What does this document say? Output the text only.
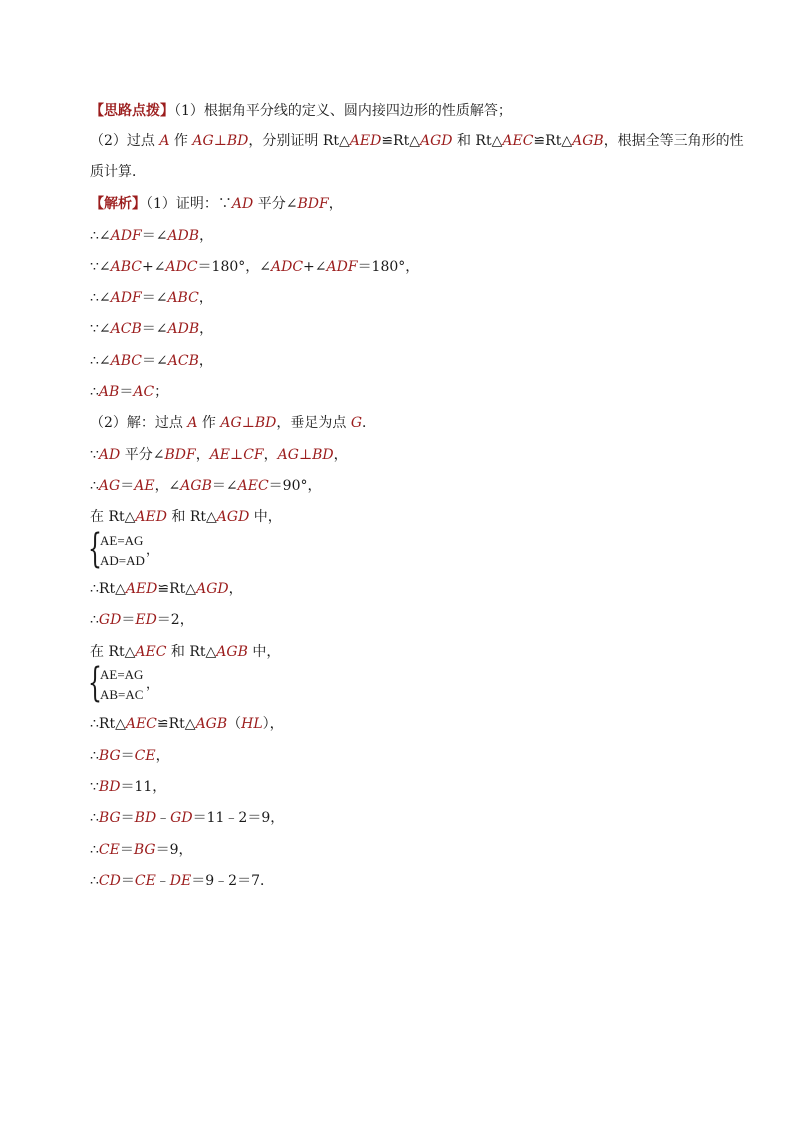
【思路点拨】（1）根据角平分线的定义、圆内接四边形的性质解答；
（2）过点 A 作 AG⊥BD，分别证明 Rt△AED≌Rt△AGD 和 Rt△AEC≌Rt△AGB，根据全等三角形的性
质计算．
【解析】（1）证明：∵AD 平分∠BDF，
∴∠ADF＝∠ADB，
∵∠ABC+∠ADC＝180°，∠ADC+∠ADF＝180°，
∴∠ADF＝∠ABC，
∵∠ACB＝∠ADB，
∴∠ABC＝∠ACB，
∴AB＝AC；
（2）解：过点 A 作 AG⊥BD，垂足为点 G．
∵AD 平分∠BDF，AE⊥CF，AG⊥BD，
∴AG＝AE，∠AGB＝∠AEC＝90°，
在 Rt△AED 和 Rt△AGD 中，
∴Rt△AED≌Rt△AGD，
∴GD＝ED＝2，
在 Rt△AEC 和 Rt△AGB 中，
∴Rt△AEC≌Rt△AGB（HL），
∴BG＝CE，
∵BD＝11，
∴BG＝BD﹣GD＝11﹣2＝9，
∴CE＝BG＝9，
∴CD＝CE﹣DE＝9﹣2＝7．
{
AE=AG
AD=AD
，
{
AE=AG
AB=AC
，
